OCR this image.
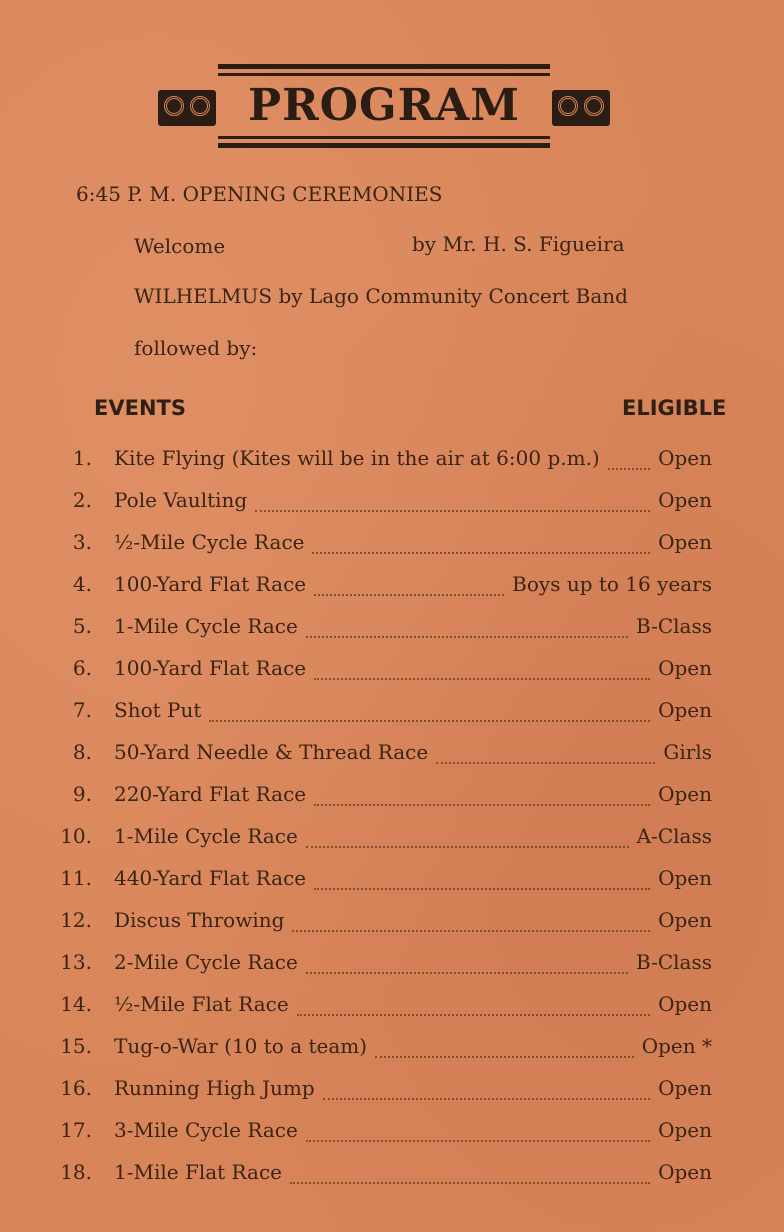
PROGRAM
6:45 P. M. OPENING CEREMONIES
Welcome	by Mr. H. S. Figueira
WILHELMUS by Lago Community Concert Band
followed by:
EVENTS	ELIGIBLE
1. Kite Flying (Kites will be in the air at 6:00 p.m.)	Open
2. Pole Vaulting	Open
3. ½-Mile Cycle Race	Open
4. 100-Yard Flat Race	Boys up to 16 years
5. 1-Mile Cycle Race	B-Class
6. 100-Yard Flat Race	Open
7. Shot Put	Open
8. 50-Yard Needle & Thread Race	Girls
9. 220-Yard Flat Race	Open
10. 1-Mile Cycle Race	A-Class
11. 440-Yard Flat Race	Open
12. Discus Throwing	Open
13. 2-Mile Cycle Race	B-Class
14. ½-Mile Flat Race	Open
15. Tug-o-War (10 to a team)	Open *
16. Running High Jump	Open
17. 3-Mile Cycle Race	Open
18. 1-Mile Flat Race	Open
